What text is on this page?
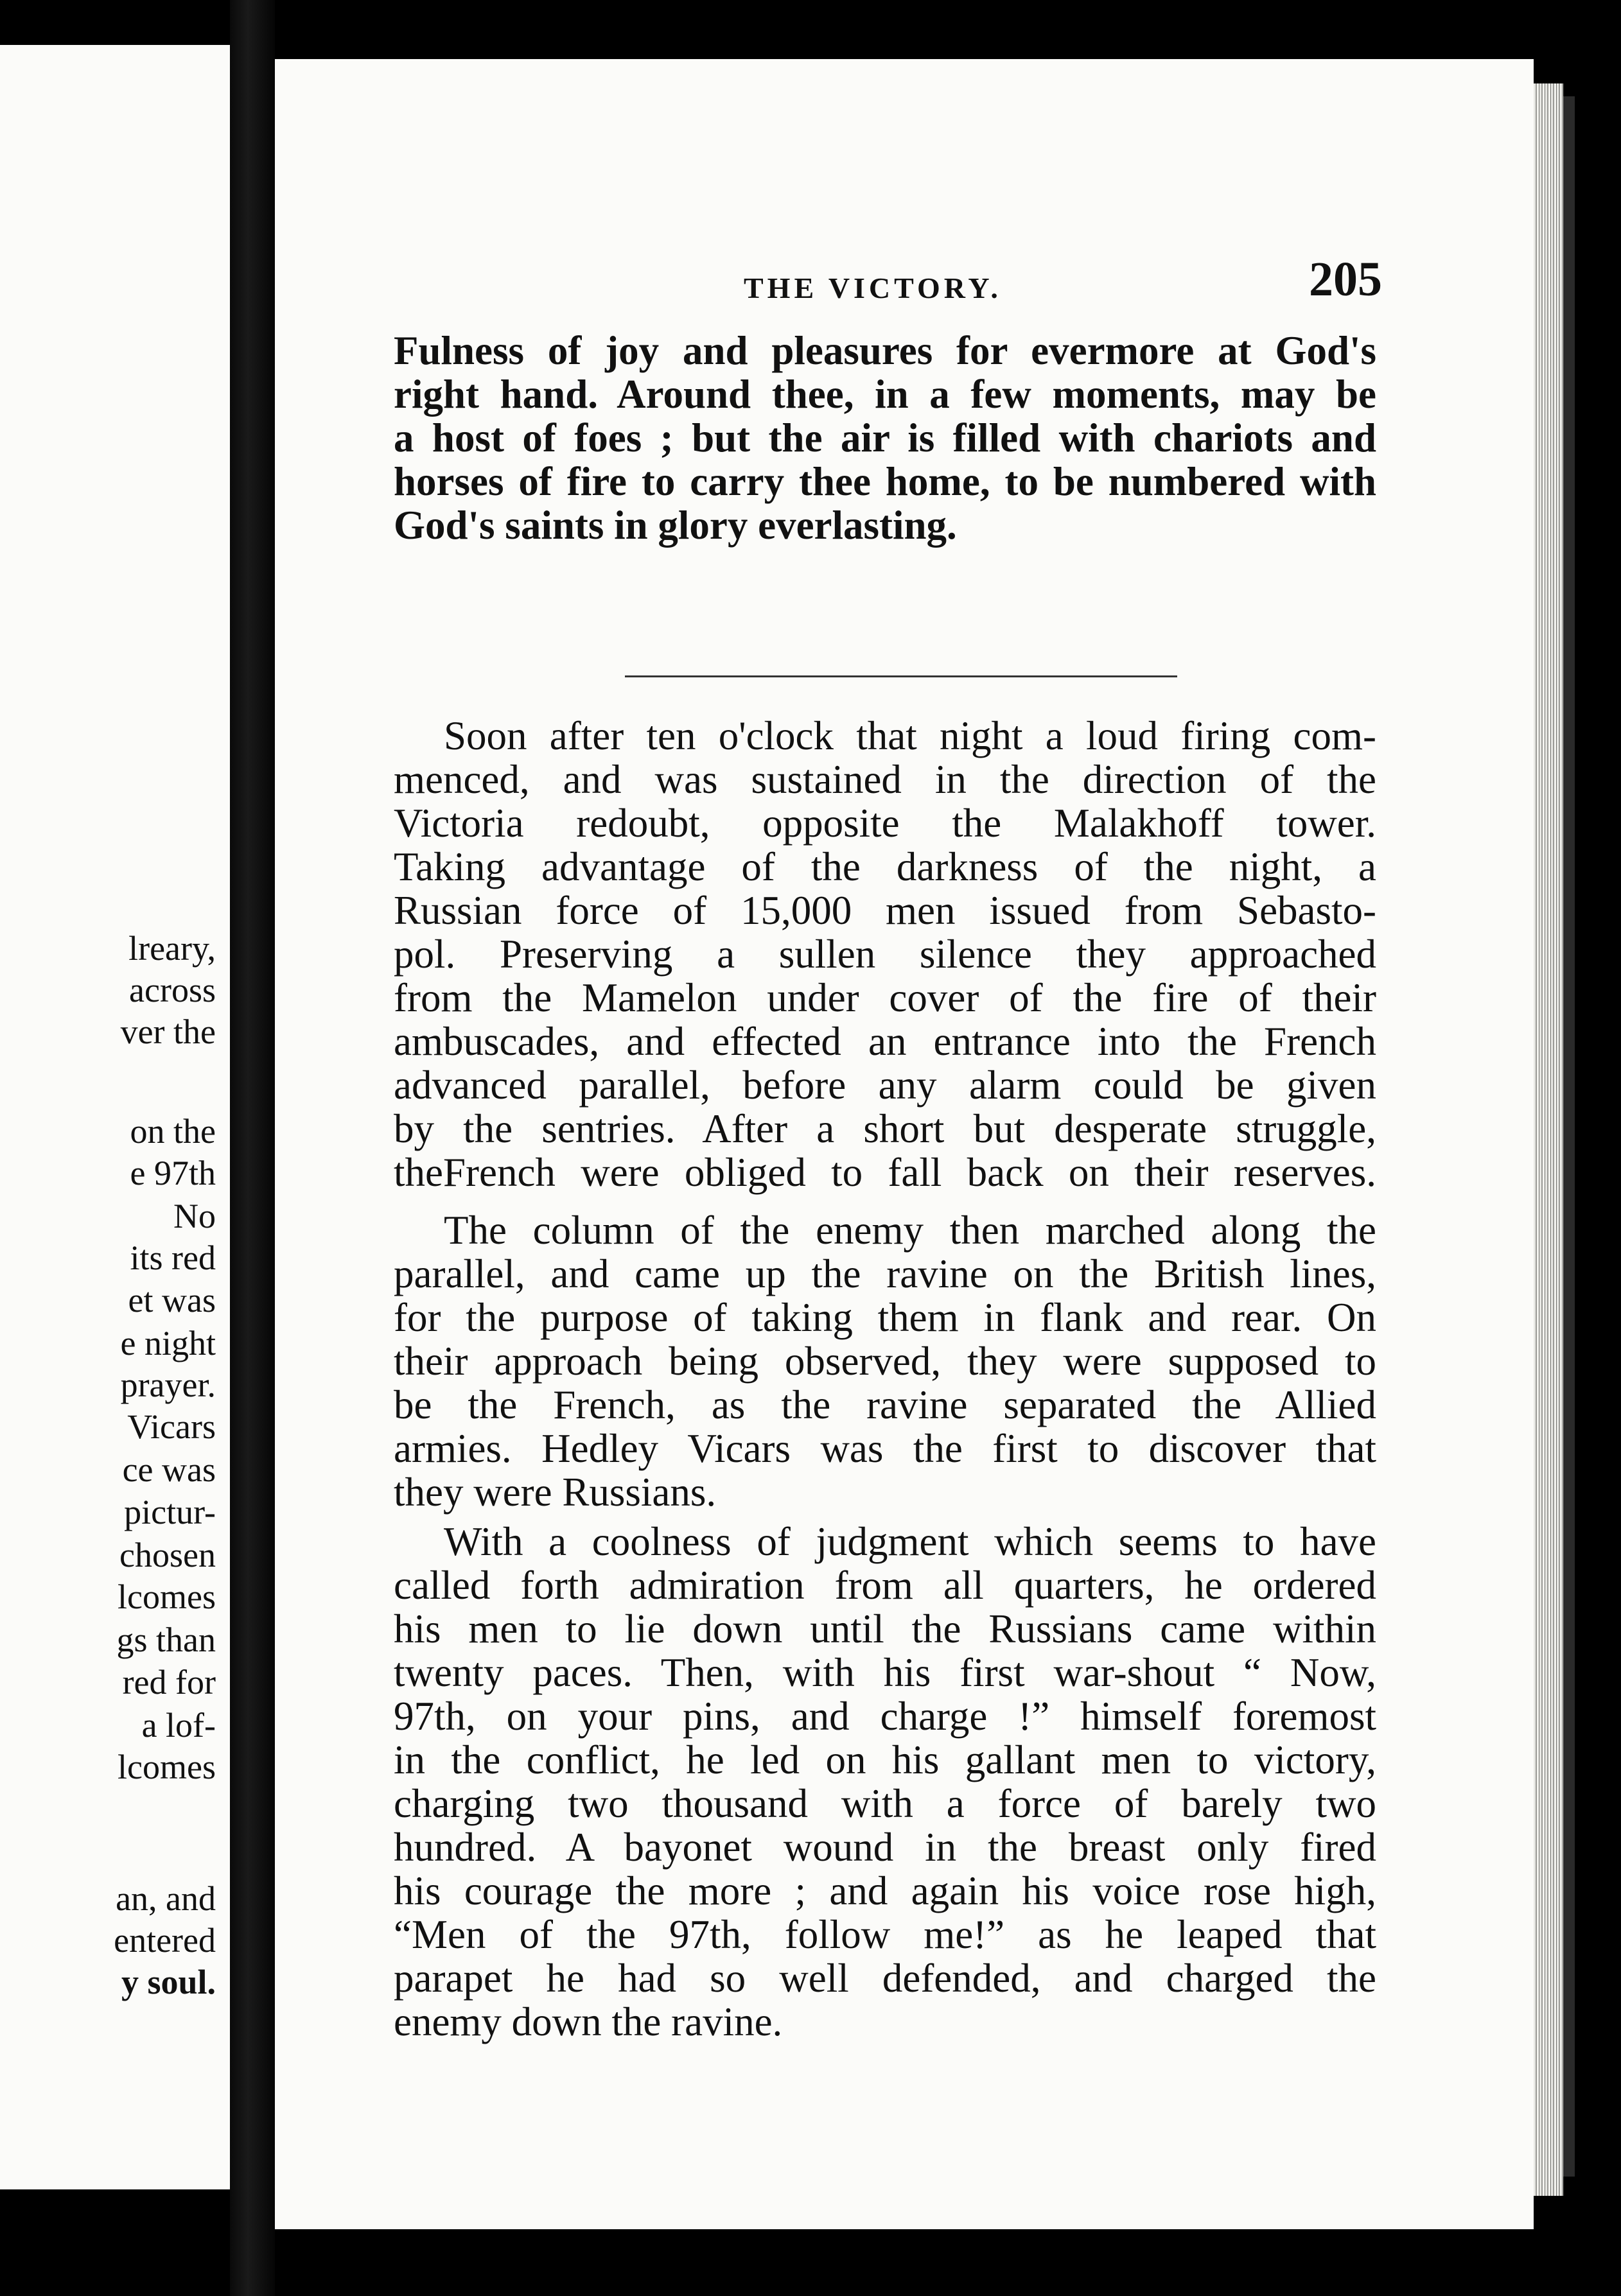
lreary,
across
ver the
on the
e 97th
No
its red
et was
e night
prayer.
Vicars
ce was
pictur-
chosen
lcomes
gs than
red for
a lof-
lcomes
an, and
entered
y soul.
THE VICTORY.	205
Fulness of joy and pleasures for evermore at God's
right hand. Around thee, in a few moments, may be
a host of foes ; but the air is filled with chariots and
horses of fire to carry thee home, to be numbered with
God's saints in glory everlasting.
Soon after ten o'clock that night a loud firing com-
menced, and was sustained in the direction of the
Victoria redoubt, opposite the Malakhoff tower.
Taking advantage of the darkness of the night, a
Russian force of 15,000 men issued from Sebasto-
pol. Preserving a sullen silence they approached
from the Mamelon under cover of the fire of their
ambuscades, and effected an entrance into the French
advanced parallel, before any alarm could be given
by the sentries. After a short but desperate struggle,
theFrench were obliged to fall back on their reserves.
The column of the enemy then marched along the
parallel, and came up the ravine on the British lines,
for the purpose of taking them in flank and rear. On
their approach being observed, they were supposed to
be the French, as the ravine separated the Allied
armies. Hedley Vicars was the first to discover that
they were Russians.
With a coolness of judgment which seems to have
called forth admiration from all quarters, he ordered
his men to lie down until the Russians came within
twenty paces. Then, with his first war-shout “ Now,
97th, on your pins, and charge !” himself foremost
in the conflict, he led on his gallant men to victory,
charging two thousand with a force of barely two
hundred. A bayonet wound in the breast only fired
his courage the more ; and again his voice rose high,
“Men of the 97th, follow me!” as he leaped that
parapet he had so well defended, and charged the
enemy down the ravine.
